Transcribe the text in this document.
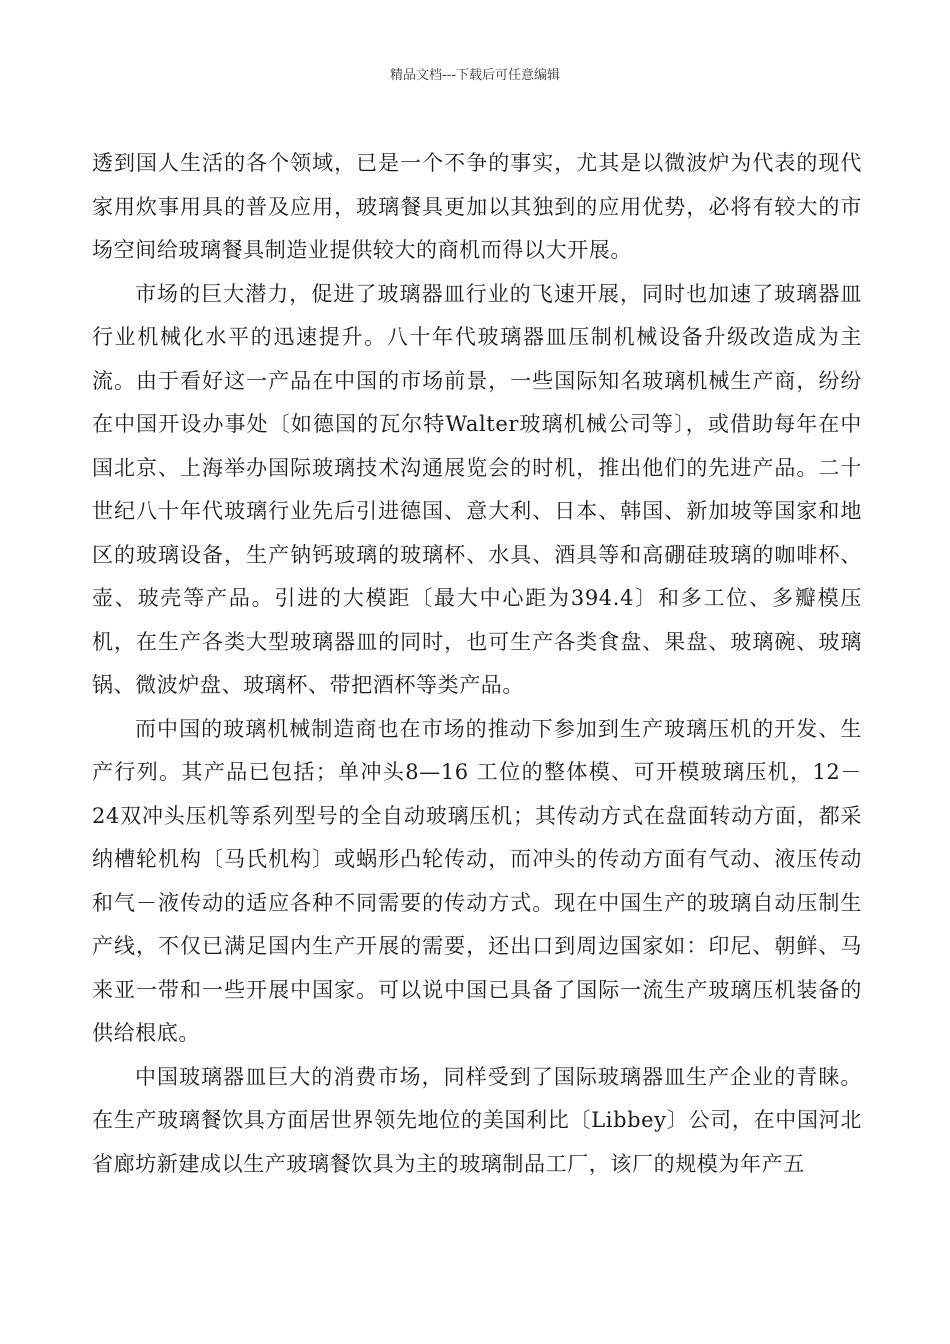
精品文档---下载后可任意编辑

透到国人生活的各个领域，已是一个不争的事实，尤其是以微波炉为代表的现代家用炊事用具的普及应用，玻璃餐具更加以其独到的应用优势，必将有较大的市场空间给玻璃餐具制造业提供较大的商机而得以大开展。

市场的巨大潜力，促进了玻璃器皿行业的飞速开展，同时也加速了玻璃器皿行业机械化水平的迅速提升。八十年代玻璃器皿压制机械设备升级改造成为主流。由于看好这一产品在中国的市场前景，一些国际知名玻璃机械生产商，纷纷在中国开设办事处〔如德国的瓦尔特Walter玻璃机械公司等〕，或借助每年在中国北京、上海举办国际玻璃技术沟通展览会的时机，推出他们的先进产品。二十世纪八十年代玻璃行业先后引进德国、意大利、日本、韩国、新加坡等国家和地区的玻璃设备，生产钠钙玻璃的玻璃杯、水具、酒具等和高硼硅玻璃的咖啡杯、壶、玻壳等产品。引进的大模距〔最大中心距为394.4〕和多工位、多瓣模压机，在生产各类大型玻璃器皿的同时，也可生产各类食盘、果盘、玻璃碗、玻璃锅、微波炉盘、玻璃杯、带把酒杯等类产品。

而中国的玻璃机械制造商也在市场的推动下参加到生产玻璃压机的开发、生产行列。其产品已包括；单冲头8—16 工位的整体模、可开模玻璃压机，12－24双冲头压机等系列型号的全自动玻璃压机；其传动方式在盘面转动方面，都采纳槽轮机构〔马氏机构〕或蜗形凸轮传动，而冲头的传动方面有气动、液压传动和气－液传动的适应各种不同需要的传动方式。现在中国生产的玻璃自动压制生产线，不仅已满足国内生产开展的需要，还出口到周边国家如：印尼、朝鲜、马来亚一带和一些开展中国家。可以说中国已具备了国际一流生产玻璃压机装备的供给根底。

中国玻璃器皿巨大的消费市场，同样受到了国际玻璃器皿生产企业的青睐。在生产玻璃餐饮具方面居世界领先地位的美国利比〔Libbey〕公司，在中国河北省廊坊新建成以生产玻璃餐饮具为主的玻璃制品工厂，该厂的规模为年产五
